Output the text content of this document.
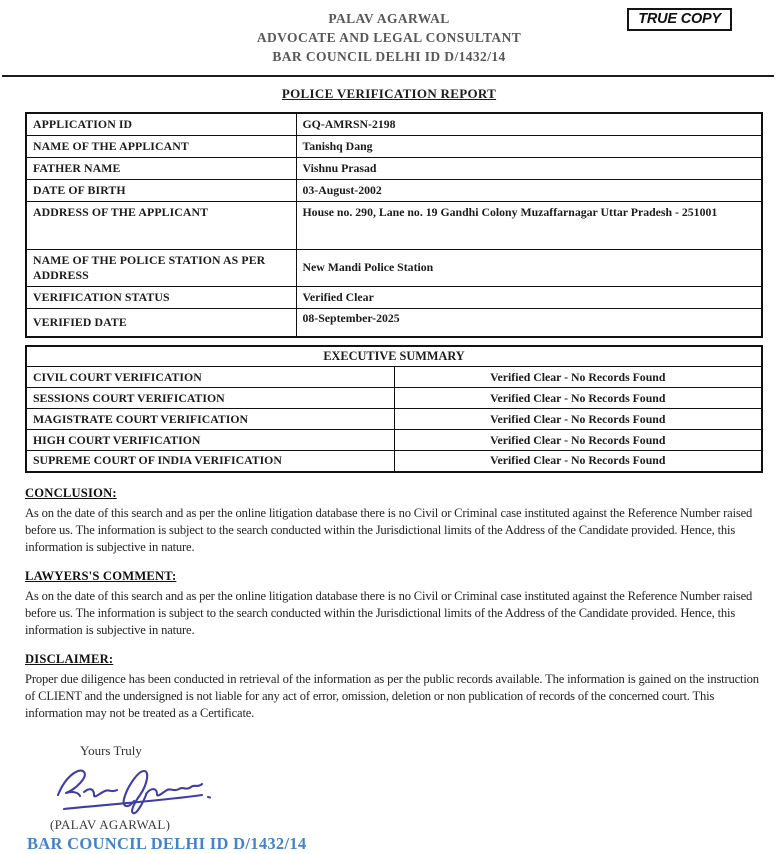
PALAV AGARWAL
ADVOCATE AND LEGAL CONSULTANT
BAR COUNCIL DELHI ID D/1432/14
TRUE COPY
POLICE VERIFICATION REPORT
APPLICATION ID	GQ-AMRSN-2198
NAME OF THE APPLICANT	Tanishq Dang
FATHER NAME	Vishnu Prasad
DATE OF BIRTH	03-August-2002
ADDRESS OF THE APPLICANT	House no. 290, Lane no. 19 Gandhi Colony Muzaffarnagar Uttar Pradesh - 251001
NAME OF THE POLICE STATION AS PER ADDRESS	New Mandi Police Station
VERIFICATION STATUS	Verified Clear
VERIFIED DATE	08-September-2025
EXECUTIVE SUMMARY	
CIVIL COURT VERIFICATION	Verified Clear - No Records Found
SESSIONS COURT VERIFICATION	Verified Clear - No Records Found
MAGISTRATE COURT VERIFICATION	Verified Clear - No Records Found
HIGH COURT VERIFICATION	Verified Clear - No Records Found
SUPREME COURT OF INDIA VERIFICATION	Verified Clear - No Records Found
CONCLUSION:
As on the date of this search and as per the online litigation database there is no Civil or Criminal case instituted against the Reference Number raised before us. The information is subject to the search conducted within the Jurisdictional limits of the Address of the Candidate provided. Hence, this information is subjective in nature.
LAWYERS'S COMMENT:
As on the date of this search and as per the online litigation database there is no Civil or Criminal case instituted against the Reference Number raised before us. The information is subject to the search conducted within the Jurisdictional limits of the Address of the Candidate provided. Hence, this information is subjective in nature.
DISCLAIMER:
Proper due diligence has been conducted in retrieval of the information as per the public records available. The information is gained on the instruction of CLIENT and the undersigned is not liable for any act of error, omission, deletion or non publication of records of the concerned court. This information may not be treated as a Certificate.
Yours Truly
(PALAV AGARWAL)
BAR COUNCIL DELHI ID D/1432/14
